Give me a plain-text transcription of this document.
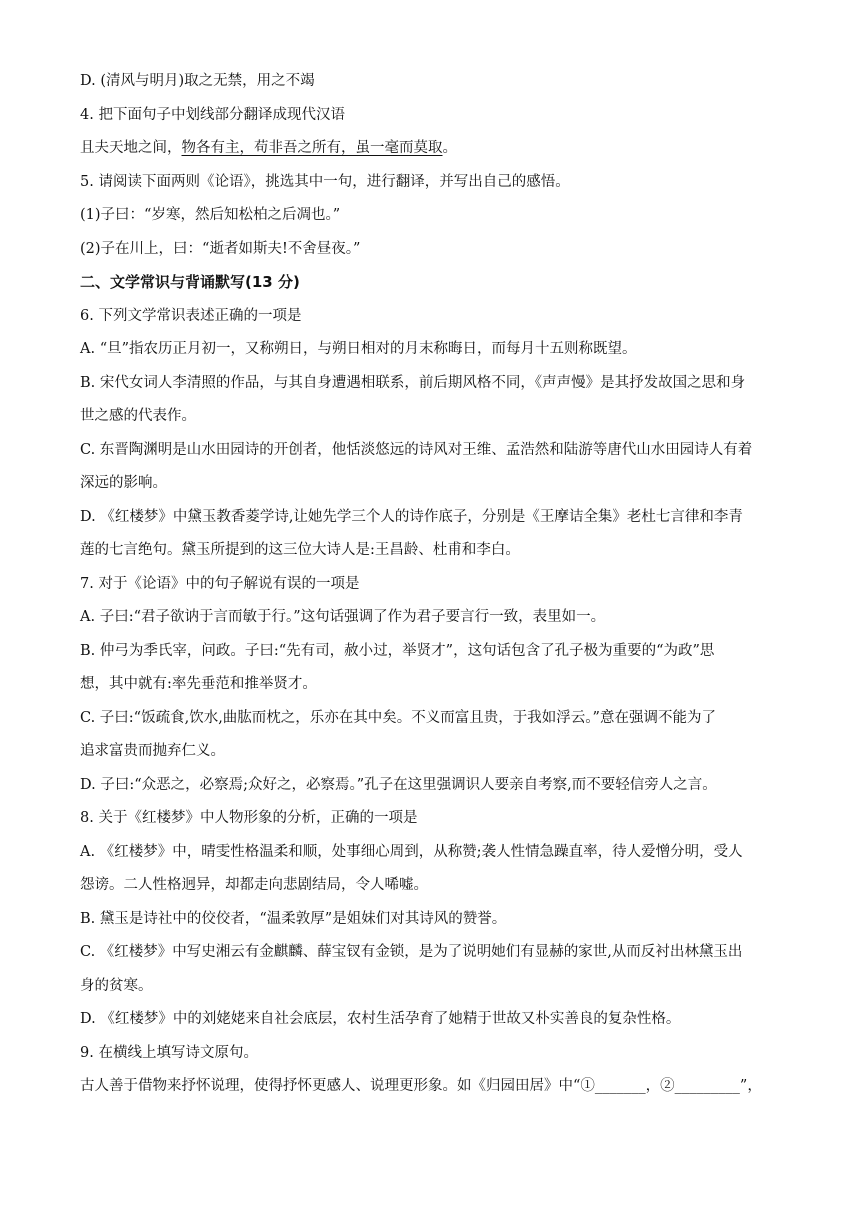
D. (清风与明月)取之无禁，用之不竭
4. 把下面句子中划线部分翻译成现代汉语
且夫天地之间，物各有主，苟非吾之所有，虽一毫而莫取。
5. 请阅读下面两则《论语》，挑选其中一句，进行翻译，并写出自己的感悟。
(1)子曰：“岁寒，然后知松柏之后凋也。”
(2)子在川上，曰：“逝者如斯夫!不舍昼夜。”
二、文学常识与背诵默写(13 分)
6. 下列文学常识表述正确的一项是
A. “旦”指农历正月初一，又称朔日，与朔日相对的月末称晦日，而每月十五则称既望。
B. 宋代女词人李清照的作品，与其自身遭遇相联系，前后期风格不同，《声声慢》是其抒发故国之思和身
世之感的代表作。
C. 东晋陶渊明是山水田园诗的开创者，他恬淡悠远的诗风对王维、孟浩然和陆游等唐代山水田园诗人有着
深远的影响。
D. 《红楼梦》中黛玉教香菱学诗,让她先学三个人的诗作底子，分别是《王摩诘全集》老杜七言律和李青
莲的七言绝句。黛玉所提到的这三位大诗人是:王昌龄、杜甫和李白。
7. 对于《论语》中的句子解说有误的一项是
A. 子曰:“君子欲讷于言而敏于行。”这句话强调了作为君子要言行一致，表里如一。
B. 仲弓为季氏宰，问政。子曰:“先有司，赦小过，举贤才”，这句话包含了孔子极为重要的“为政”思
想，其中就有:率先垂范和推举贤才。
C. 子曰:“饭疏食,饮水,曲肱而枕之，乐亦在其中矣。不义而富且贵，于我如浮云。”意在强调不能为了
追求富贵而抛弃仁义。
D. 子曰:“众恶之，必察焉;众好之，必察焉。”孔子在这里强调识人要亲自考察,而不要轻信旁人之言。
8. 关于《红楼梦》中人物形象的分析，正确的一项是
A. 《红楼梦》中，晴雯性格温柔和顺，处事细心周到，从称赞;袭人性情急躁直率，待人爱憎分明，受人
怨谤。二人性格迥异，却都走向悲剧结局，令人唏嘘。
B. 黛玉是诗社中的佼佼者，“温柔敦厚”是姐妹们对其诗风的赞誉。
C. 《红楼梦》中写史湘云有金麒麟、薛宝钗有金锁，是为了说明她们有显赫的家世,从而反衬出林黛玉出
身的贫寒。
D. 《红楼梦》中的刘姥姥来自社会底层，农村生活孕育了她精于世故又朴实善良的复杂性格。
9. 在横线上填写诗文原句。
古人善于借物来抒怀说理，使得抒怀更感人、说理更形象。如《归园田居》中“①_______，②_________”，
